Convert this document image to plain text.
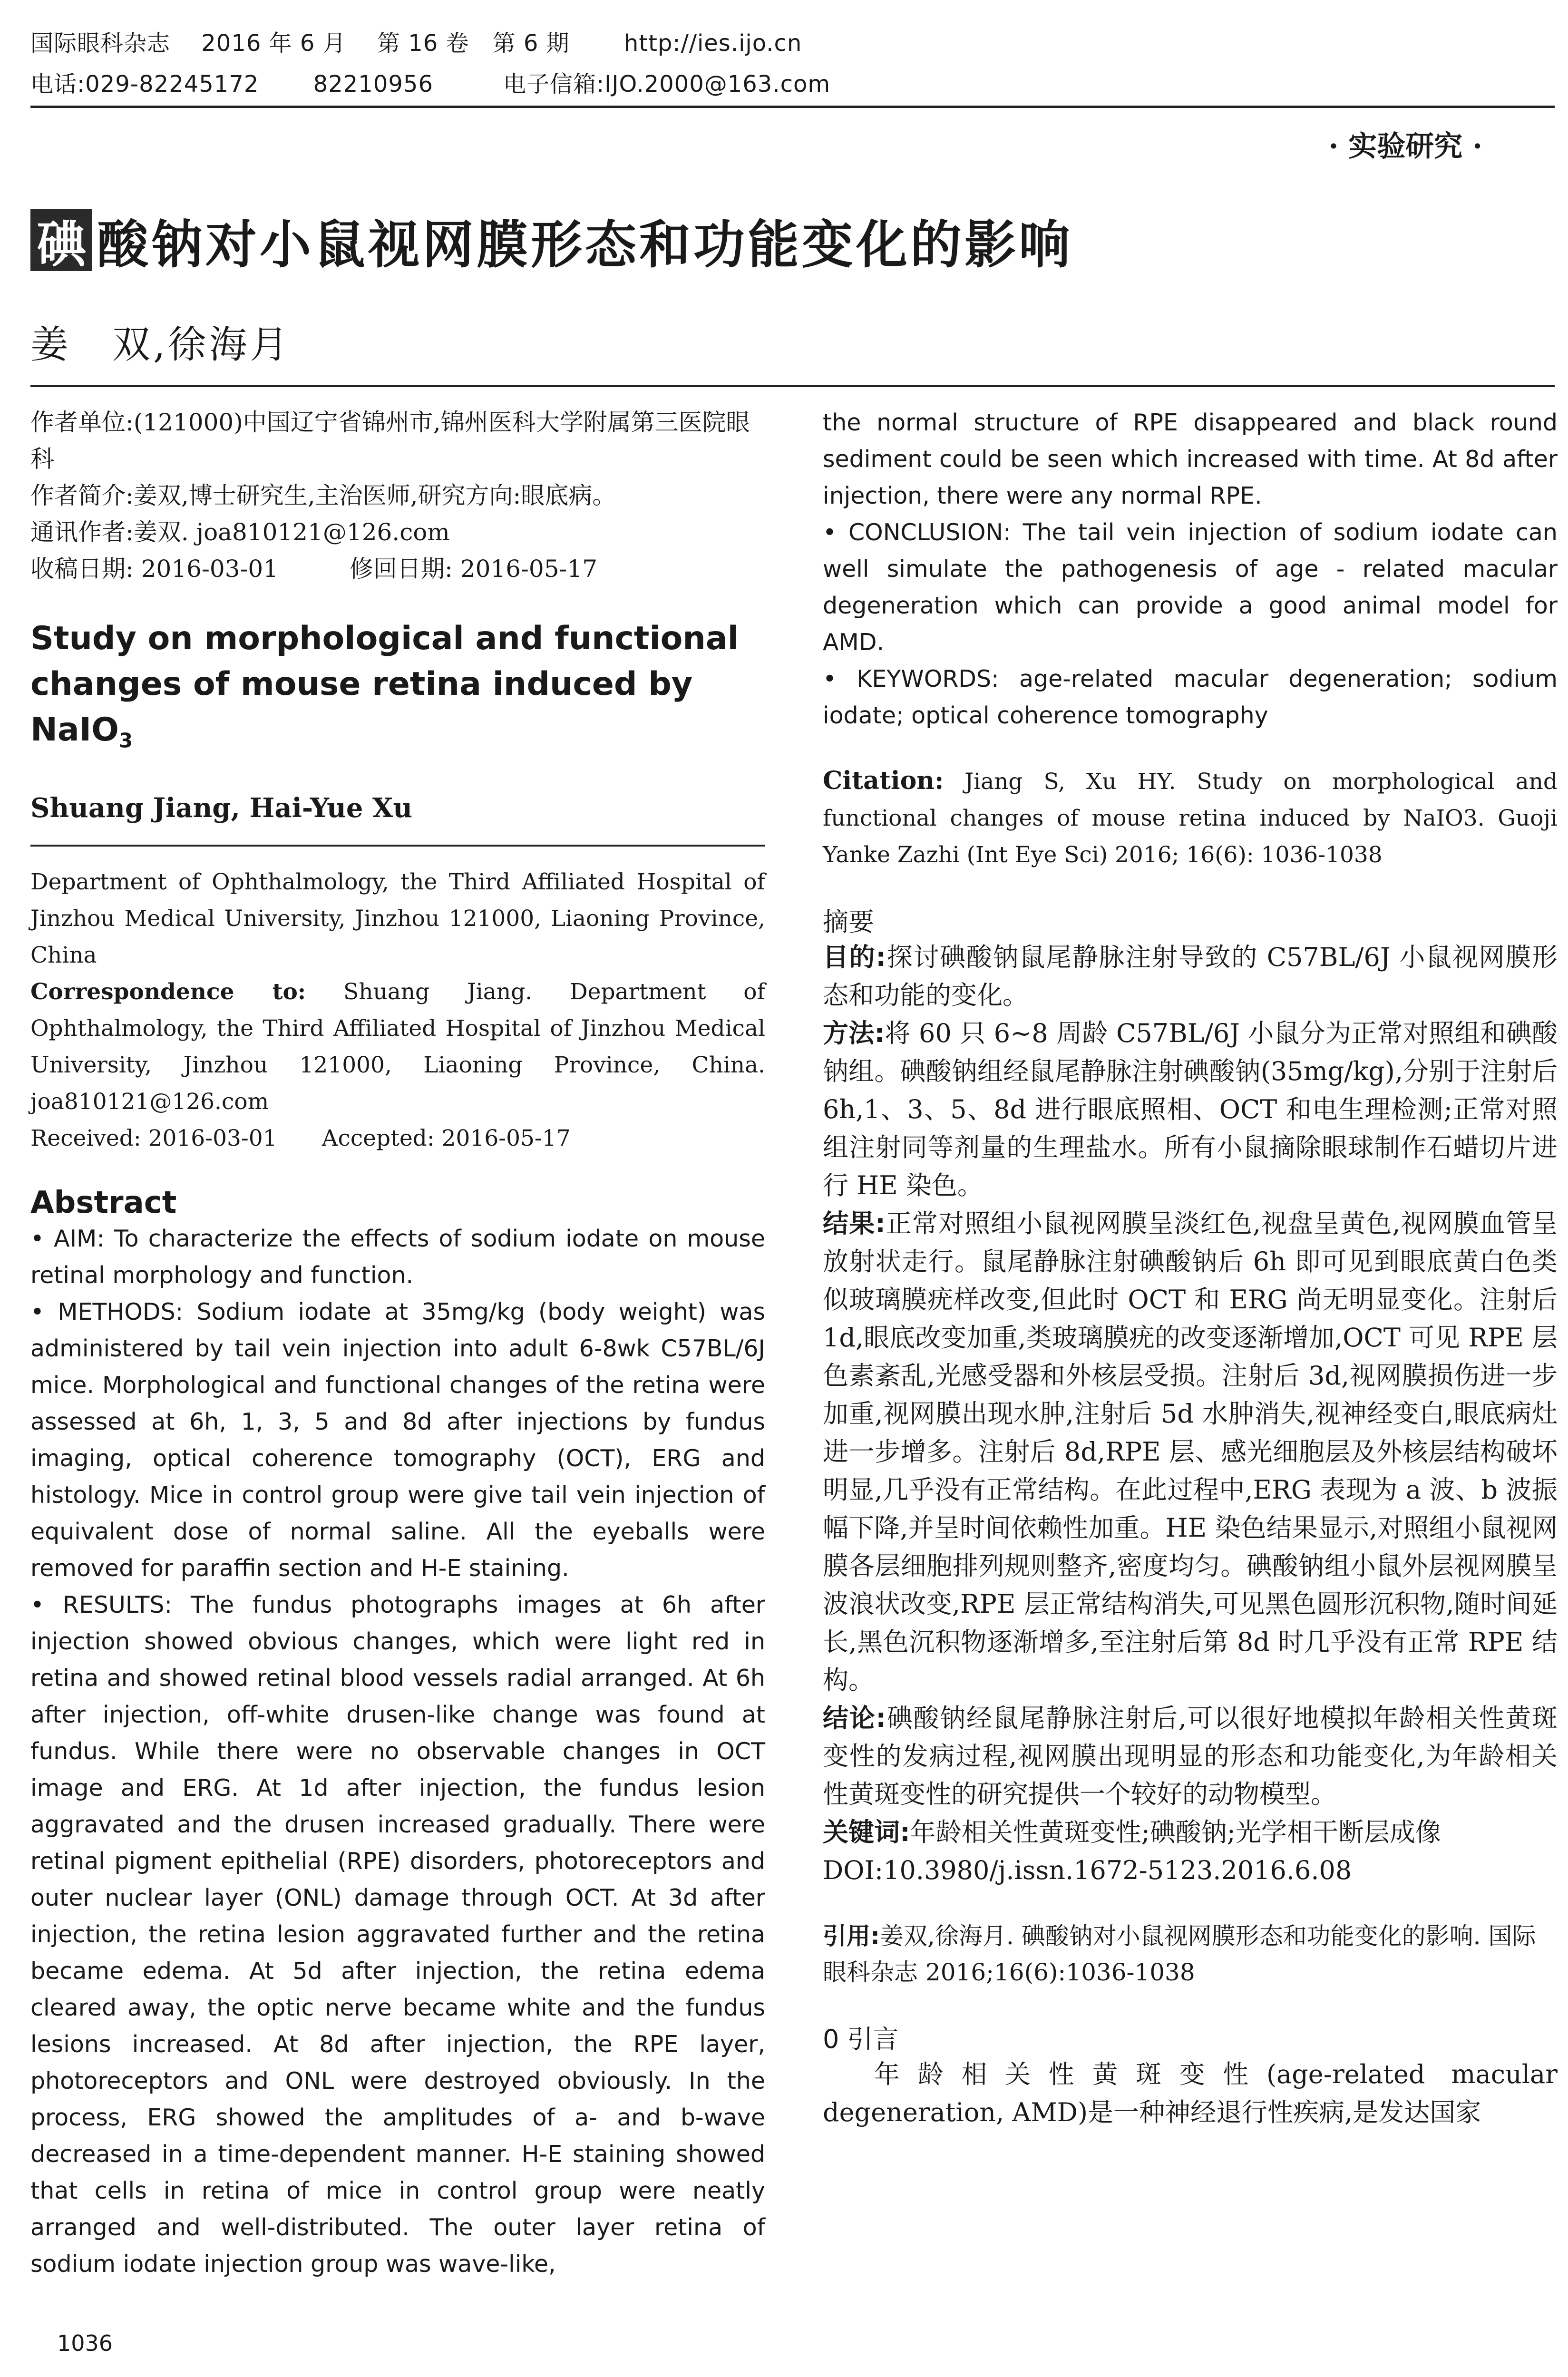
国际眼科杂志　 2016 年 6 月　 第 16 卷　第 6 期　　 http://ies.ijo.cn
电话:029-82245172　　 82210956　　　电子信箱:IJO.2000@163.com
· 实验研究 ·
碘 酸钠对小鼠视网膜形态和功能变化的影响
姜　双,徐海月

作者单位:(121000)中国辽宁省锦州市,锦州医科大学附属第三医院眼科

作者简介:姜双,博士研究生,主治医师,研究方向:眼底病。

通讯作者:姜双. joa810121@126.com

收稿日期: 2016-03-01　　　修回日期: 2016-05-17

Study on morphological and functional changes of mouse retina induced by NaIO$_3$

Shuang Jiang, Hai-Yue Xu

Department of Ophthalmology, the Third Affiliated Hospital of Jinzhou Medical University, Jinzhou 121000, Liaoning Province, China

Correspondence to: Shuang Jiang. Department of Ophthalmology, the Third Affiliated Hospital of Jinzhou Medical University, Jinzhou 121000, Liaoning Province, China. joa810121@126.com

Received: 2016-03-01　　Accepted: 2016-05-17

Abstract

• AIM: To characterize the effects of sodium iodate on mouse retinal morphology and function.

• METHODS: Sodium iodate at 35mg/kg (body weight) was administered by tail vein injection into adult 6-8wk C57BL/6J mice. Morphological and functional changes of the retina were assessed at 6h, 1, 3, 5 and 8d after injections by fundus imaging, optical coherence tomography (OCT), ERG and histology. Mice in control group were give tail vein injection of equivalent dose of normal saline. All the eyeballs were removed for paraffin section and H-E staining.

• RESULTS: The fundus photographs images at 6h after injection showed obvious changes, which were light red in retina and showed retinal blood vessels radial arranged. At 6h after injection, off-white drusen-like change was found at fundus. While there were no observable changes in OCT image and ERG. At 1d after injection, the fundus lesion aggravated and the drusen increased gradually. There were retinal pigment epithelial (RPE) disorders, photoreceptors and outer nuclear layer (ONL) damage through OCT. At 3d after injection, the retina lesion aggravated further and the retina became edema. At 5d after injection, the retina edema cleared away, the optic nerve became white and the fundus lesions increased. At 8d after injection, the RPE layer, photoreceptors and ONL were destroyed obviously. In the process, ERG showed the amplitudes of a- and b-wave decreased in a time-dependent manner. H-E staining showed that cells in retina of mice in control group were neatly arranged and well-distributed. The outer layer retina of sodium iodate injection group was wave-like,

the normal structure of RPE disappeared and black round sediment could be seen which increased with time. At 8d after injection, there were any normal RPE.

• CONCLUSION: The tail vein injection of sodium iodate can well simulate the pathogenesis of age - related macular degeneration which can provide a good animal model for AMD.

• KEYWORDS: age-related macular degeneration; sodium iodate; optical coherence tomography

Citation: Jiang S, Xu HY. Study on morphological and functional changes of mouse retina induced by NaIO3. Guoji Yanke Zazhi (Int Eye Sci) 2016; 16(6): 1036-1038

摘要

目的:探讨碘酸钠鼠尾静脉注射导致的 C57BL/6J 小鼠视网膜形态和功能的变化。

方法:将 60 只 6~8 周龄 C57BL/6J 小鼠分为正常对照组和碘酸钠组。碘酸钠组经鼠尾静脉注射碘酸钠(35mg/kg),分别于注射后 6h,1、3、5、8d 进行眼底照相、OCT 和电生理检测;正常对照组注射同等剂量的生理盐水。所有小鼠摘除眼球制作石蜡切片进行 HE 染色。

结果:正常对照组小鼠视网膜呈淡红色,视盘呈黄色,视网膜血管呈放射状走行。鼠尾静脉注射碘酸钠后 6h 即可见到眼底黄白色类似玻璃膜疣样改变,但此时 OCT 和 ERG 尚无明显变化。注射后 1d,眼底改变加重,类玻璃膜疣的改变逐渐增加,OCT 可见 RPE 层色素紊乱,光感受器和外核层受损。注射后 3d,视网膜损伤进一步加重,视网膜出现水肿,注射后 5d 水肿消失,视神经变白,眼底病灶进一步增多。注射后 8d,RPE 层、感光细胞层及外核层结构破坏明显,几乎没有正常结构。在此过程中,ERG 表现为 a 波、b 波振幅下降,并呈时间依赖性加重。HE 染色结果显示,对照组小鼠视网膜各层细胞排列规则整齐,密度均匀。碘酸钠组小鼠外层视网膜呈波浪状改变,RPE 层正常结构消失,可见黑色圆形沉积物,随时间延长,黑色沉积物逐渐增多,至注射后第 8d 时几乎没有正常 RPE 结构。

结论:碘酸钠经鼠尾静脉注射后,可以很好地模拟年龄相关性黄斑变性的发病过程,视网膜出现明显的形态和功能变化,为年龄相关性黄斑变性的研究提供一个较好的动物模型。

关键词:年龄相关性黄斑变性;碘酸钠;光学相干断层成像

DOI:10.3980/j.issn.1672-5123.2016.6.08

引用:姜双,徐海月. 碘酸钠对小鼠视网膜形态和功能变化的影响. 国际眼科杂志 2016;16(6):1036-1038

0 引言

年龄相关性黄斑变性(age-related macular degeneration, AMD)是一种神经退行性疾病,是发达国家

1036
